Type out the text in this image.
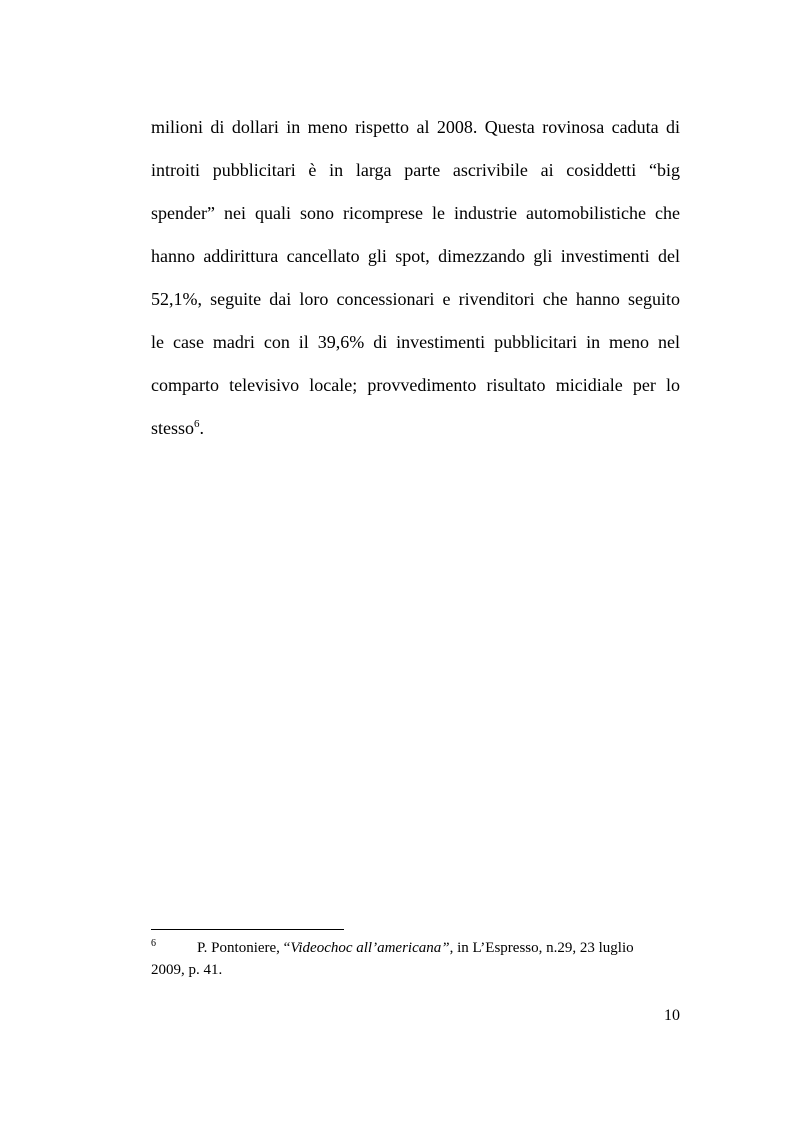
milioni di dollari in meno rispetto al 2008. Questa rovinosa caduta di
introiti pubblicitari è in larga parte ascrivibile ai cosiddetti “big
spender” nei quali sono ricomprese le industrie automobilistiche che
hanno addirittura cancellato gli spot, dimezzando gli investimenti del
52,1%, seguite dai loro concessionari e rivenditori che hanno seguito
le case madri con il 39,6% di investimenti pubblicitari in meno nel
comparto televisivo locale; provvedimento risultato micidiale per lo
stesso$^6$.
6	P. Pontoniere, “Videochoc all’americana”, in L’Espresso, n.29, 23 luglio
2009, p. 41.
10
